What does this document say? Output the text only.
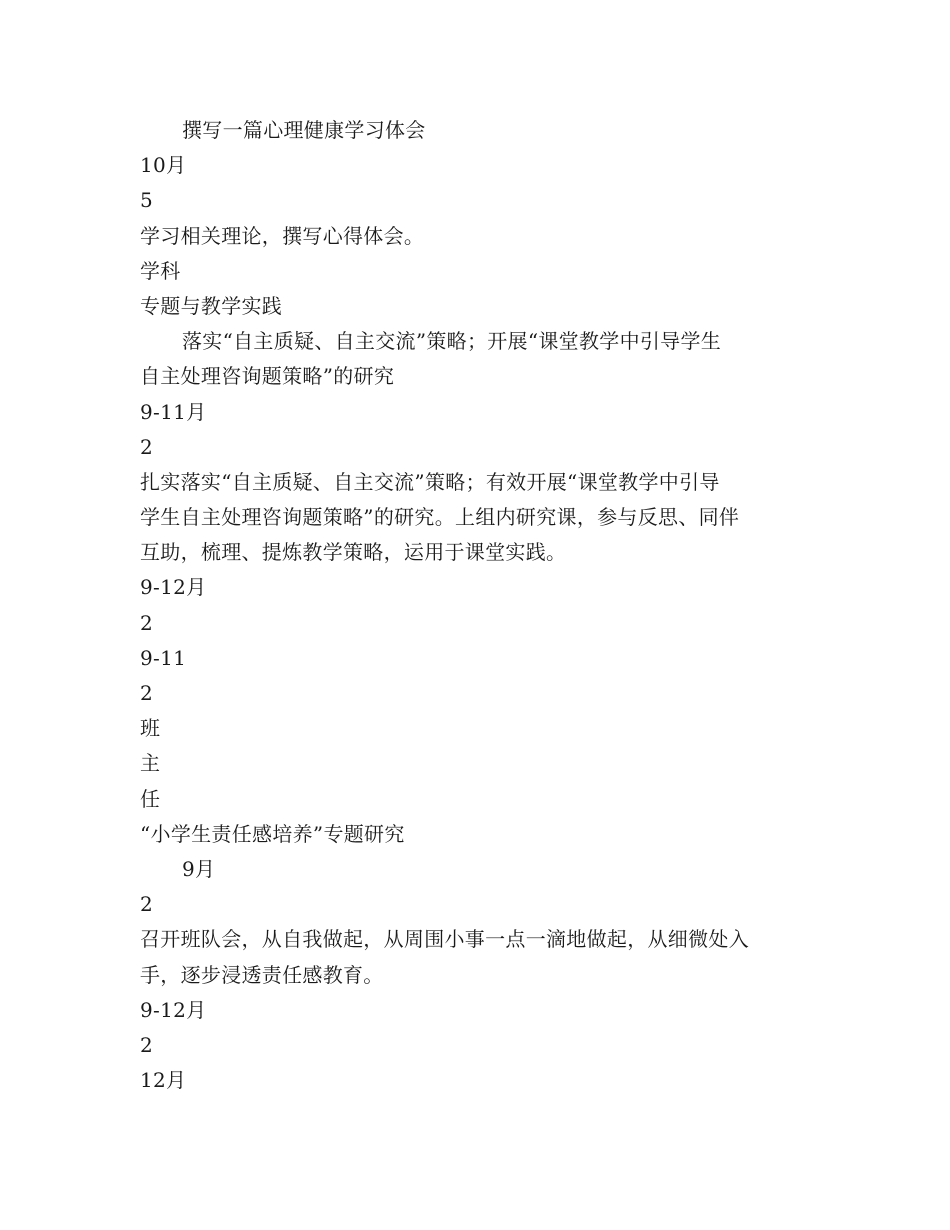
撰写一篇心理健康学习体会
10月
5
学习相关理论，撰写心得体会。
学科
专题与教学实践
落实“自主质疑、自主交流”策略；开展“课堂教学中引导学生
自主处理咨询题策略”的研究
9-11月
2
扎实落实“自主质疑、自主交流”策略；有效开展“课堂教学中引导
学生自主处理咨询题策略”的研究。上组内研究课，参与反思、同伴
互助，梳理、提炼教学策略，运用于课堂实践。
9-12月
2
9-11
2
班
主
任
“小学生责任感培养”专题研究
9月
2
召开班队会，从自我做起，从周围小事一点一滴地做起，从细微处入
手，逐步浸透责任感教育。
9-12月
2
12月
